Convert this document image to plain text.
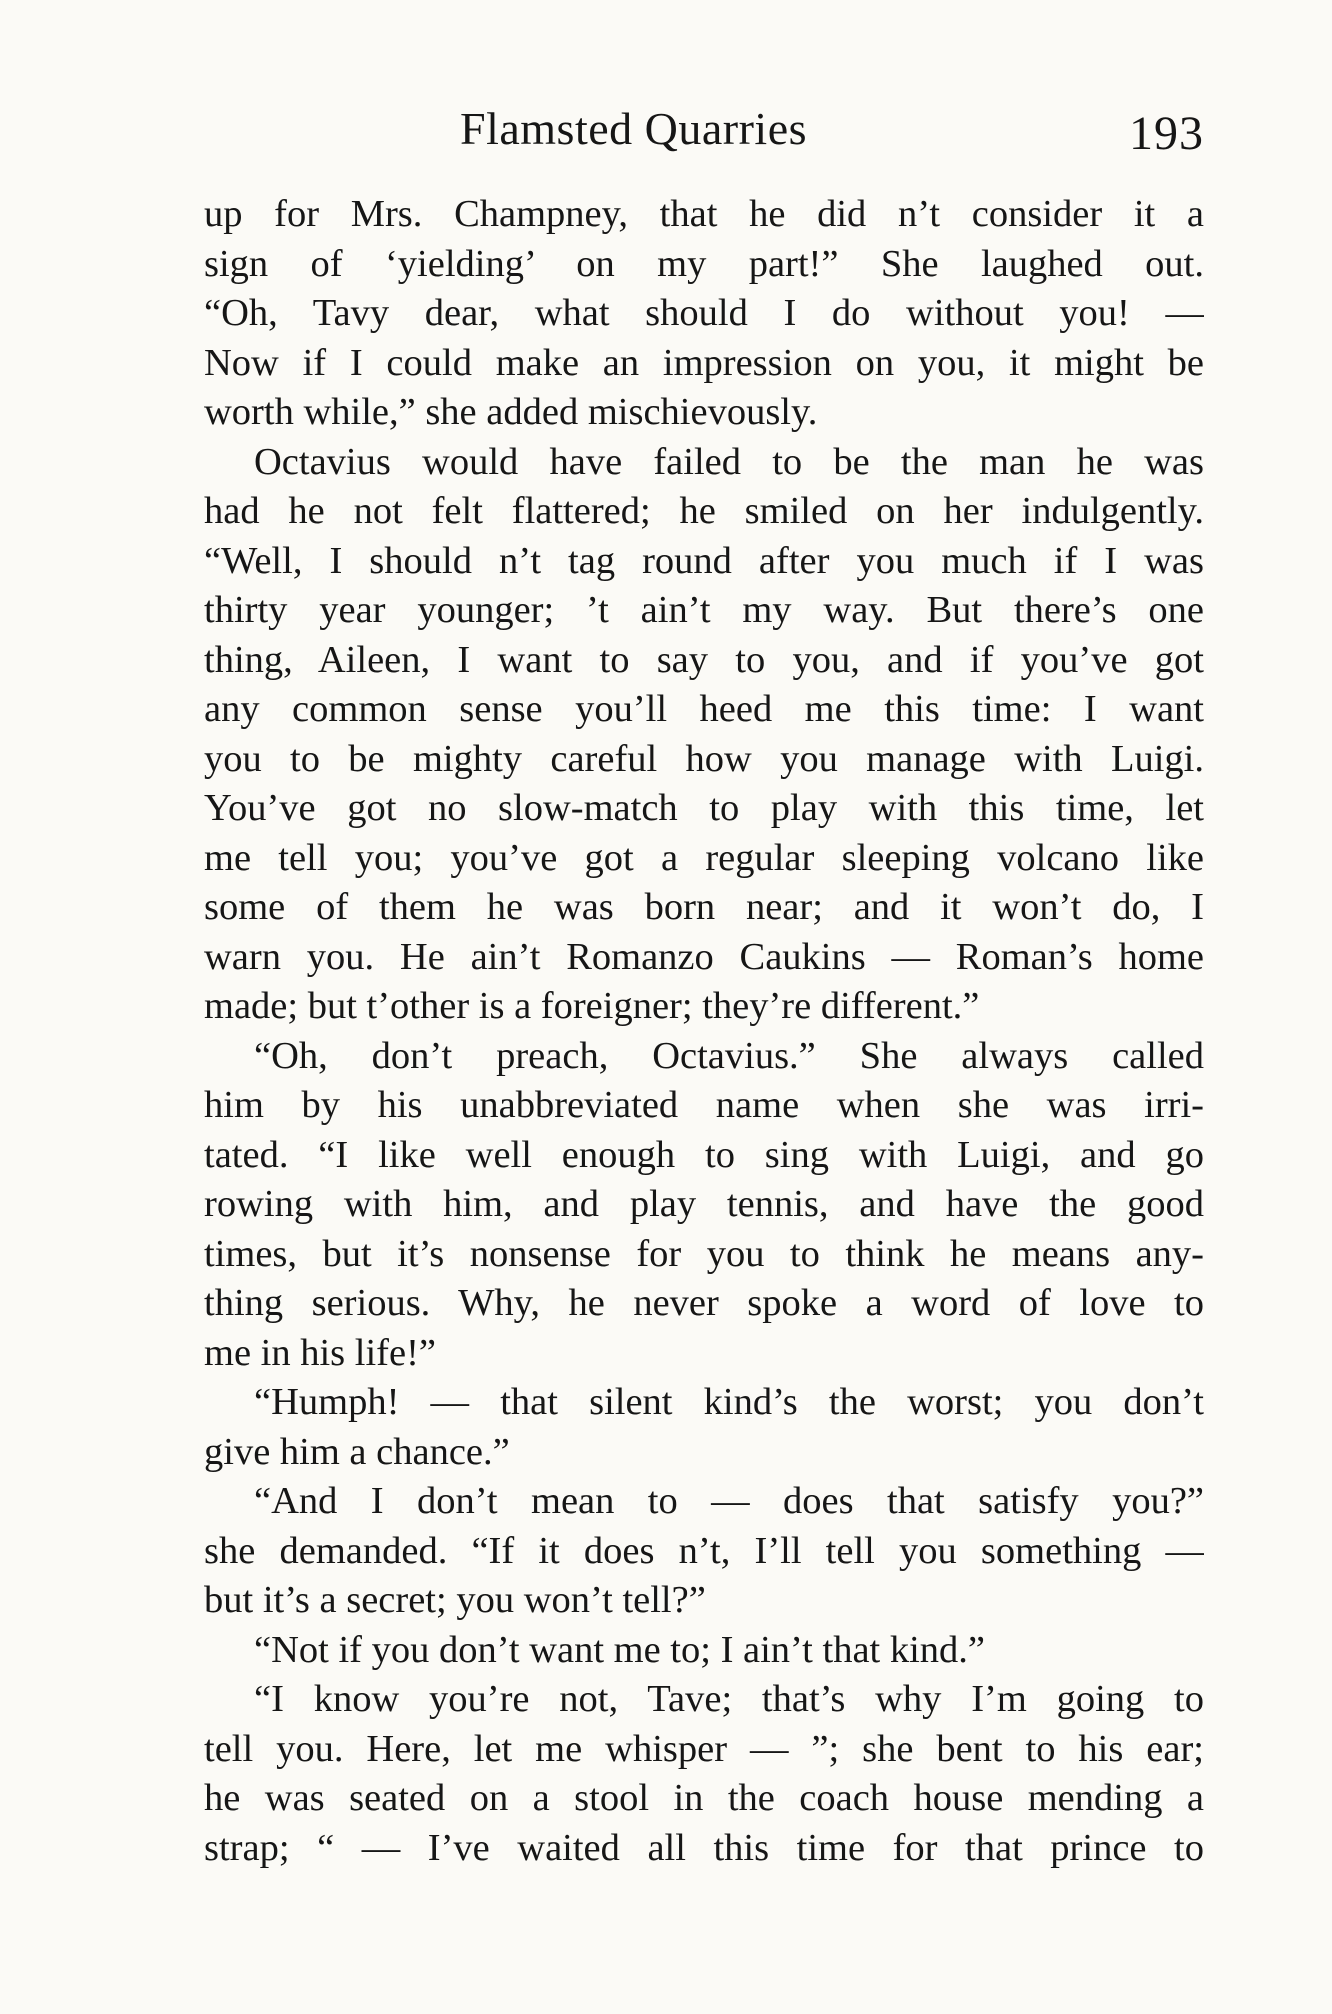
Flamsted Quarries	193
up for Mrs. Champney, that he did n’t consider it a
sign of ‘yielding’ on my part!” She laughed out.
“Oh, Tavy dear, what should I do without you! —
Now if I could make an impression on you, it might be
worth while,” she added mischievously.
Octavius would have failed to be the man he was
had he not felt flattered; he smiled on her indulgently.
“Well, I should n’t tag round after you much if I was
thirty year younger; ’t ain’t my way. But there’s one
thing, Aileen, I want to say to you, and if you’ve got
any common sense you’ll heed me this time: I want
you to be mighty careful how you manage with Luigi.
You’ve got no slow-match to play with this time, let
me tell you; you’ve got a regular sleeping volcano like
some of them he was born near; and it won’t do, I
warn you. He ain’t Romanzo Caukins — Roman’s home
made; but t’other is a foreigner; they’re different.”
“Oh, don’t preach, Octavius.” She always called
him by his unabbreviated name when she was irri-
tated. “I like well enough to sing with Luigi, and go
rowing with him, and play tennis, and have the good
times, but it’s nonsense for you to think he means any-
thing serious. Why, he never spoke a word of love to
me in his life!”
“Humph! — that silent kind’s the worst; you don’t
give him a chance.”
“And I don’t mean to — does that satisfy you?”
she demanded. “If it does n’t, I’ll tell you something —
but it’s a secret; you won’t tell?”
“Not if you don’t want me to; I ain’t that kind.”
“I know you’re not, Tave; that’s why I’m going to
tell you. Here, let me whisper — ”; she bent to his ear;
he was seated on a stool in the coach house mending a
strap; “ — I’ve waited all this time for that prince to
